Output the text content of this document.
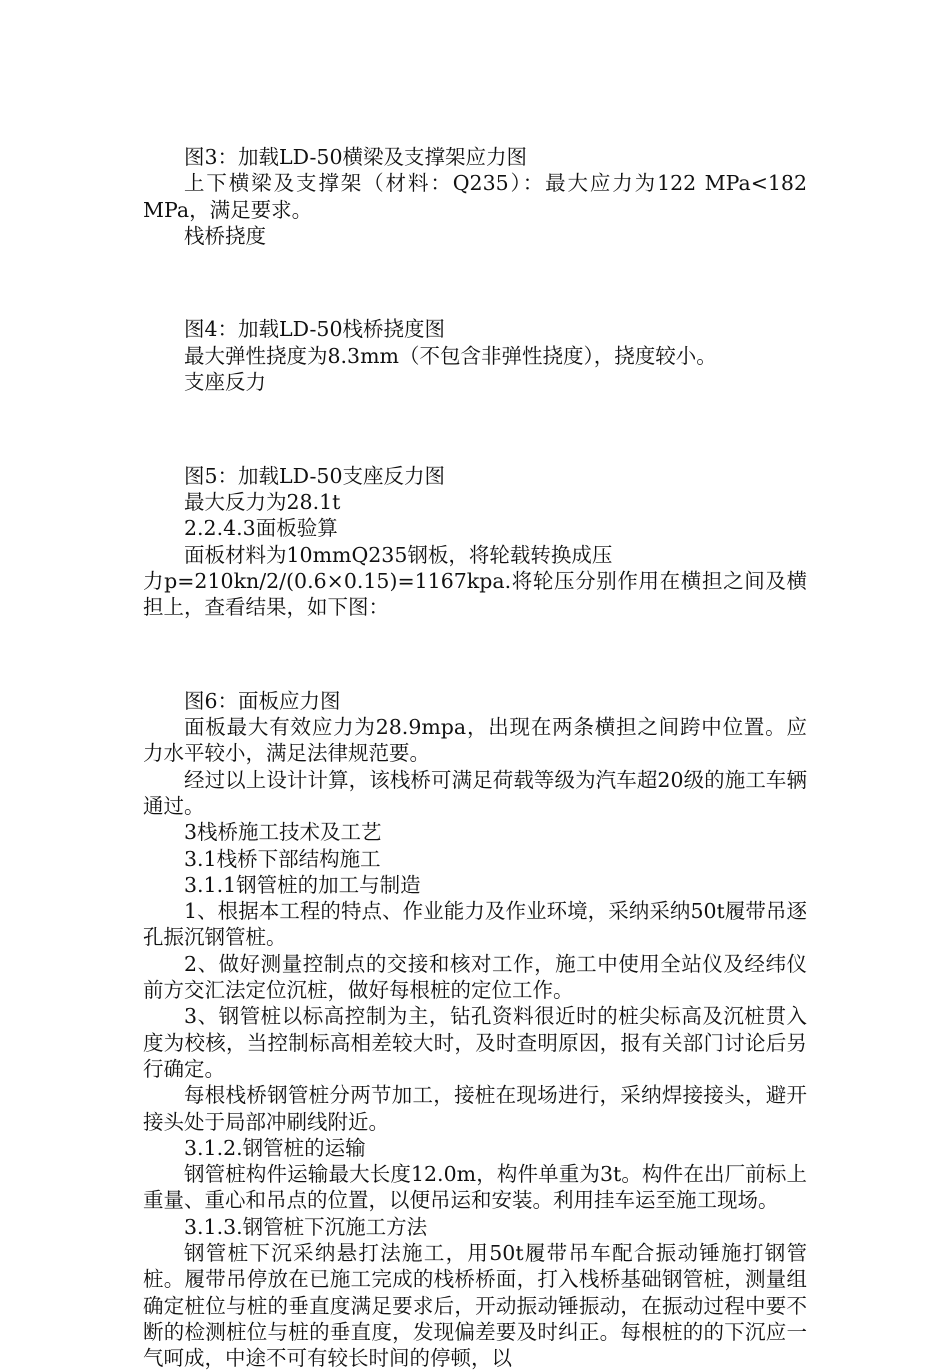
图3：加载LD-50横梁及支撑架应力图

上下横梁及支撑架（材料：Q235）：最大应力为122 MPa<182 MPa，满足要求。

栈桥挠度

图4：加载LD-50栈桥挠度图

最大弹性挠度为8.3mm（不包含非弹性挠度），挠度较小。

支座反力

图5：加载LD-50支座反力图

最大反力为28.1t

2.2.4.3面板验算

面板材料为10mmQ235钢板，将轮载转换成压

力p=210kn/2/(0.6×0.15)=1167kpa.将轮压分别作用在横担之间及横担上，查看结果，如下图：

图6：面板应力图

面板最大有效应力为28.9mpa，出现在两条横担之间跨中位置。应力水平较小，满足法律规范要。

经过以上设计计算，该栈桥可满足荷载等级为汽车超20级的施工车辆通过。

3栈桥施工技术及工艺

3.1栈桥下部结构施工

3.1.1钢管桩的加工与制造

1、根据本工程的特点、作业能力及作业环境，采纳采纳50t履带吊逐孔振沉钢管桩。

2、做好测量控制点的交接和核对工作，施工中使用全站仪及经纬仪前方交汇法定位沉桩，做好每根桩的定位工作。

3、钢管桩以标高控制为主，钻孔资料很近时的桩尖标高及沉桩贯入度为校核，当控制标高相差较大时，及时查明原因，报有关部门讨论后另行确定。

每根栈桥钢管桩分两节加工，接桩在现场进行，采纳焊接接头，避开接头处于局部冲刷线附近。

3.1.2.钢管桩的运输

钢管桩构件运输最大长度12.0m，构件单重为3t。构件在出厂前标上重量、重心和吊点的位置，以便吊运和安装。利用挂车运至施工现场。

3.1.3.钢管桩下沉施工方法

钢管桩下沉采纳悬打法施工，用50t履带吊车配合振动锤施打钢管桩。履带吊停放在已施工完成的栈桥桥面，打入栈桥基础钢管桩，测量组确定桩位与桩的垂直度满足要求后，开动振动锤振动，在振动过程中要不断的检测桩位与桩的垂直度，发现偏差要及时纠正。每根桩的的下沉应一气呵成，中途不可有较长时间的停顿，以
